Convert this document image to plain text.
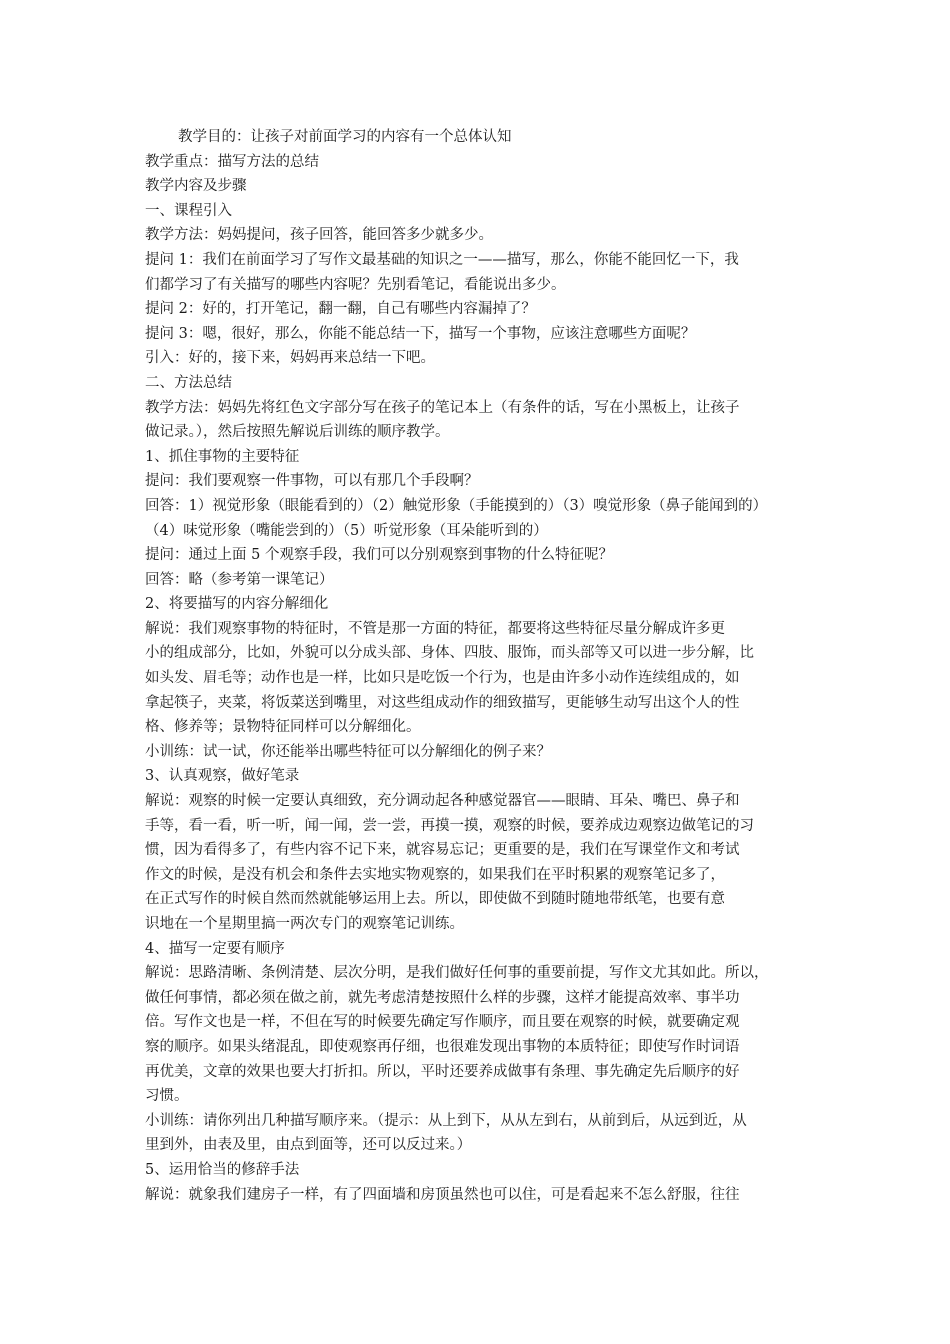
教学目的：让孩子对前面学习的内容有一个总体认知
教学重点：描写方法的总结
教学内容及步骤
一、课程引入
教学方法：妈妈提问，孩子回答，能回答多少就多少。
提问 1：我们在前面学习了写作文最基础的知识之一——描写，那么，你能不能回忆一下，我
们都学习了有关描写的哪些内容呢？先别看笔记，看能说出多少。
提问 2：好的，打开笔记，翻一翻，自己有哪些内容漏掉了？
提问 3：嗯，很好，那么，你能不能总结一下，描写一个事物，应该注意哪些方面呢？
引入：好的，接下来，妈妈再来总结一下吧。
二、方法总结
教学方法：妈妈先将红色文字部分写在孩子的笔记本上（有条件的话，写在小黑板上，让孩子
做记录。），然后按照先解说后训练的顺序教学。
1、抓住事物的主要特征
提问：我们要观察一件事物，可以有那几个手段啊？
回答：1）视觉形象（眼能看到的）（2）触觉形象（手能摸到的）（3）嗅觉形象（鼻子能闻到的）
（4）味觉形象（嘴能尝到的）（5）听觉形象（耳朵能听到的）
提问：通过上面 5 个观察手段，我们可以分别观察到事物的什么特征呢？
回答：略（参考第一课笔记）
2、将要描写的内容分解细化
解说：我们观察事物的特征时，不管是那一方面的特征，都要将这些特征尽量分解成许多更
小的组成部分，比如，外貌可以分成头部、身体、四肢、服饰，而头部等又可以进一步分解，比
如头发、眉毛等；动作也是一样，比如只是吃饭一个行为，也是由许多小动作连续组成的，如
拿起筷子，夹菜，将饭菜送到嘴里，对这些组成动作的细致描写，更能够生动写出这个人的性
格、修养等；景物特征同样可以分解细化。
小训练：试一试，你还能举出哪些特征可以分解细化的例子来？
3、认真观察，做好笔录
解说：观察的时候一定要认真细致，充分调动起各种感觉器官——眼睛、耳朵、嘴巴、鼻子和
手等，看一看，听一听，闻一闻，尝一尝，再摸一摸，观察的时候，要养成边观察边做笔记的习
惯，因为看得多了，有些内容不记下来，就容易忘记；更重要的是，我们在写课堂作文和考试
作文的时候，是没有机会和条件去实地实物观察的，如果我们在平时积累的观察笔记多了，
在正式写作的时候自然而然就能够运用上去。所以，即使做不到随时随地带纸笔，也要有意
识地在一个星期里搞一两次专门的观察笔记训练。
4、描写一定要有顺序
解说：思路清晰、条例清楚、层次分明，是我们做好任何事的重要前提，写作文尤其如此。所以，
做任何事情，都必须在做之前，就先考虑清楚按照什么样的步骤，这样才能提高效率、事半功
倍。写作文也是一样，不但在写的时候要先确定写作顺序，而且要在观察的时候，就要确定观
察的顺序。如果头绪混乱，即使观察再仔细，也很难发现出事物的本质特征；即使写作时词语
再优美，文章的效果也要大打折扣。所以，平时还要养成做事有条理、事先确定先后顺序的好
习惯。
小训练：请你列出几种描写顺序来。（提示：从上到下，从从左到右，从前到后，从远到近，从
里到外，由表及里，由点到面等，还可以反过来。）
5、运用恰当的修辞手法
解说：就象我们建房子一样，有了四面墙和房顶虽然也可以住，可是看起来不怎么舒服，往往
